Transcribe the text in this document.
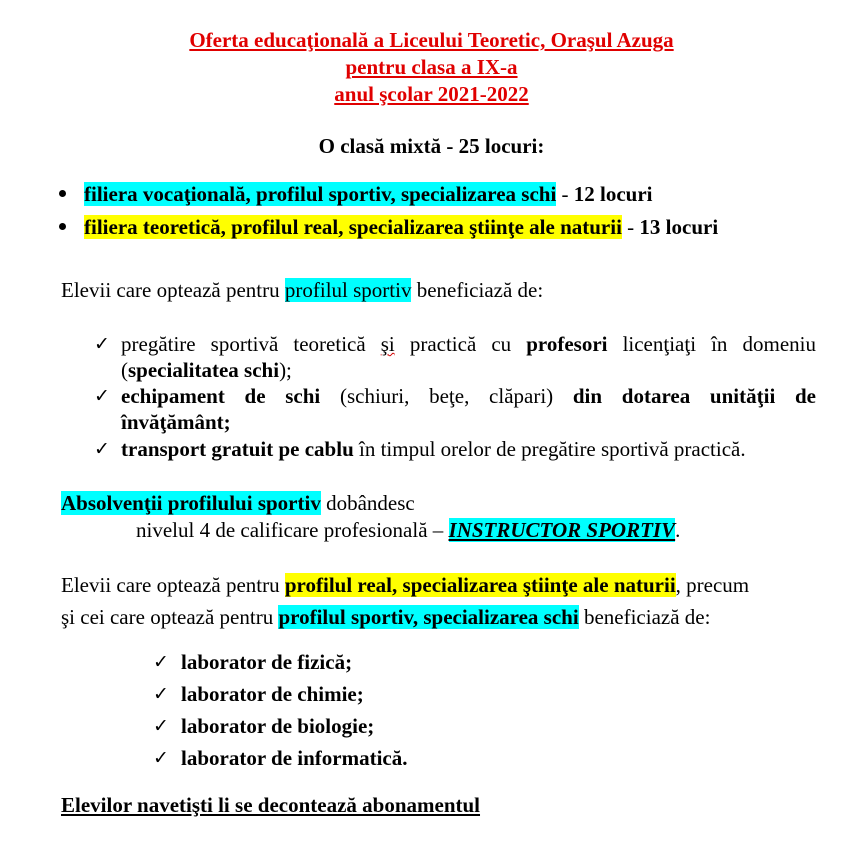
Oferta educaţională a Liceului Teoretic, Oraşul Azuga
pentru clasa a IX-a
anul şcolar 2021-2022
O clasă mixtă - 25 locuri:
filiera vocaţională, profilul sportiv, specializarea schi - 12 locuri
filiera teoretică, profilul real, specializarea ştiinţe ale naturii - 13 locuri
Elevii care optează pentru profilul sportiv beneficiază de:
✓ pregătire sportivă teoretică şi practică cu profesori licenţiaţi în domeniu
(specialitatea schi);
✓ echipament de schi (schiuri, beţe, clăpari) din dotarea unităţii de
învăţământ;
✓ transport gratuit pe cablu în timpul orelor de pregătire sportivă practică.
Absolvenţii profilului sportiv dobândesc
nivelul 4 de calificare profesională – INSTRUCTOR SPORTIV.
Elevii care optează pentru profilul real, specializarea ştiinţe ale naturii, precum
şi cei care optează pentru profilul sportiv, specializarea schi beneficiază de:
✓ laborator de fizică;
✓ laborator de chimie;
✓ laborator de biologie;
✓ laborator de informatică.
Elevilor navetişti li se decontează abonamentul
